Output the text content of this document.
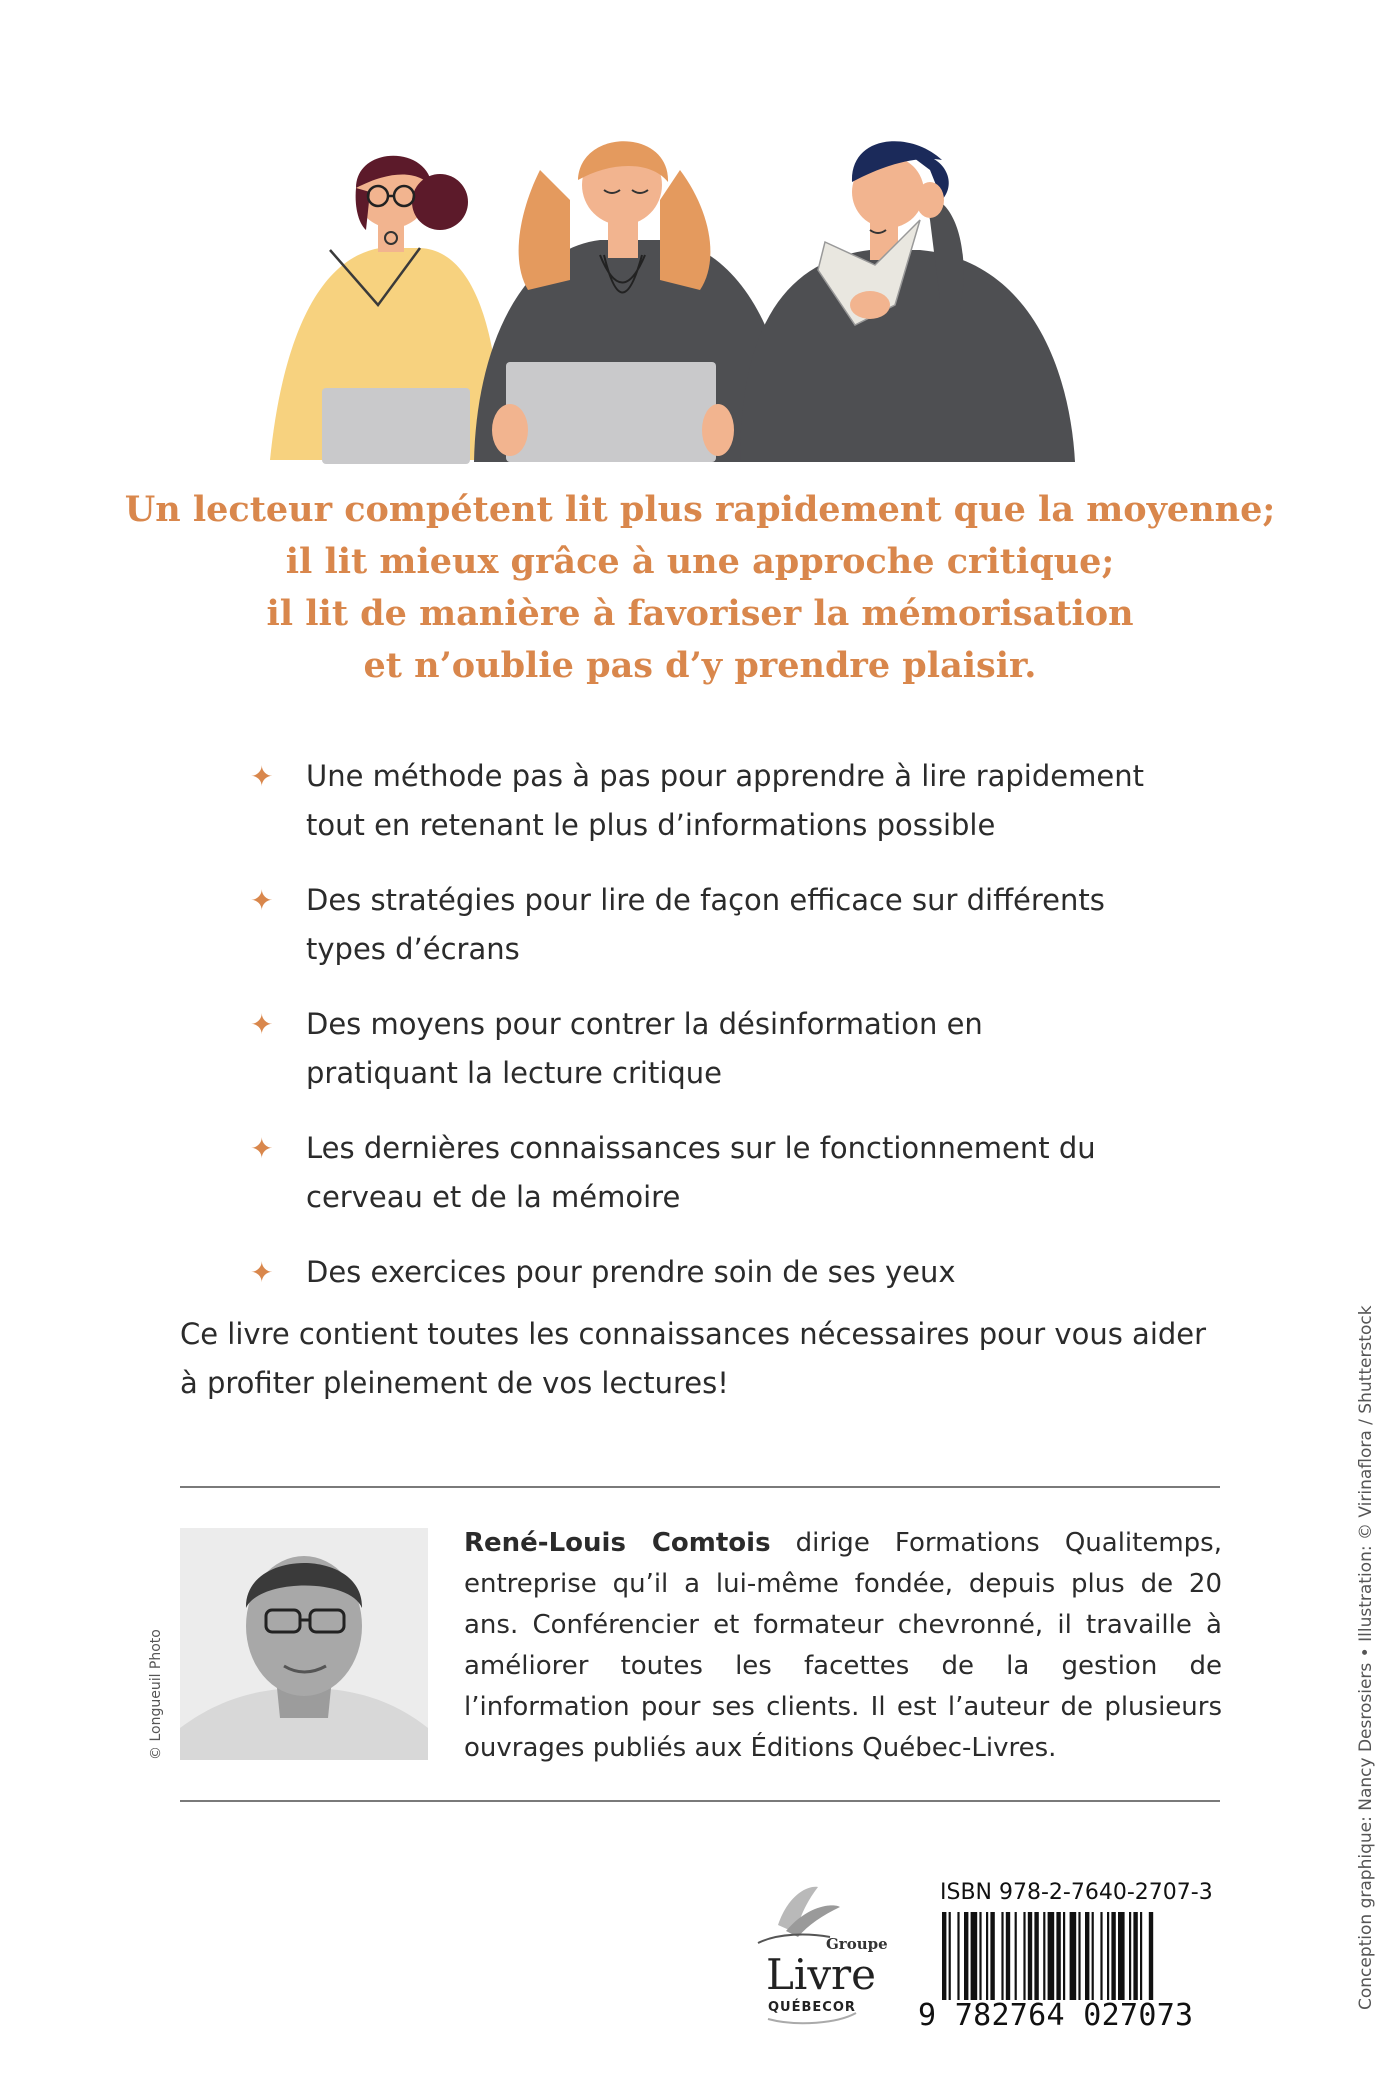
Un lecteur compétent lit plus rapidement que la moyenne;
il lit mieux grâce à une approche critique;
il lit de manière à favoriser la mémorisation
et n’oublie pas d’y prendre plaisir.
✦ Une méthode pas à pas pour apprendre à lire rapidement
tout en retenant le plus d’informations possible
✦ Des stratégies pour lire de façon efficace sur différents
types d’écrans
✦ Des moyens pour contrer la désinformation en
pratiquant la lecture critique
✦ Les dernières connaissances sur le fonctionnement du
cerveau et de la mémoire
✦ Des exercices pour prendre soin de ses yeux
Ce livre contient toutes les connaissances nécessaires pour vous aider
à profiter pleinement de vos lectures!
© Longueuil Photo
René-Louis Comtois dirige Formations Qualitemps, entreprise qu’il a lui-même fondée, depuis plus de 20 ans. Conférencier et formateur chevronné, il travaille à améliorer toutes les facettes de la gestion de l’information pour ses clients. Il est l’auteur de plusieurs ouvrages publiés aux Éditions Québec-Livres.
Groupe
Livre
QUÉBECOR
ISBN 978-2-7640-2707-3
9 782764 027073
Conception graphique: Nancy Desrosiers • Illustration: © Virinaflora / Shutterstock
